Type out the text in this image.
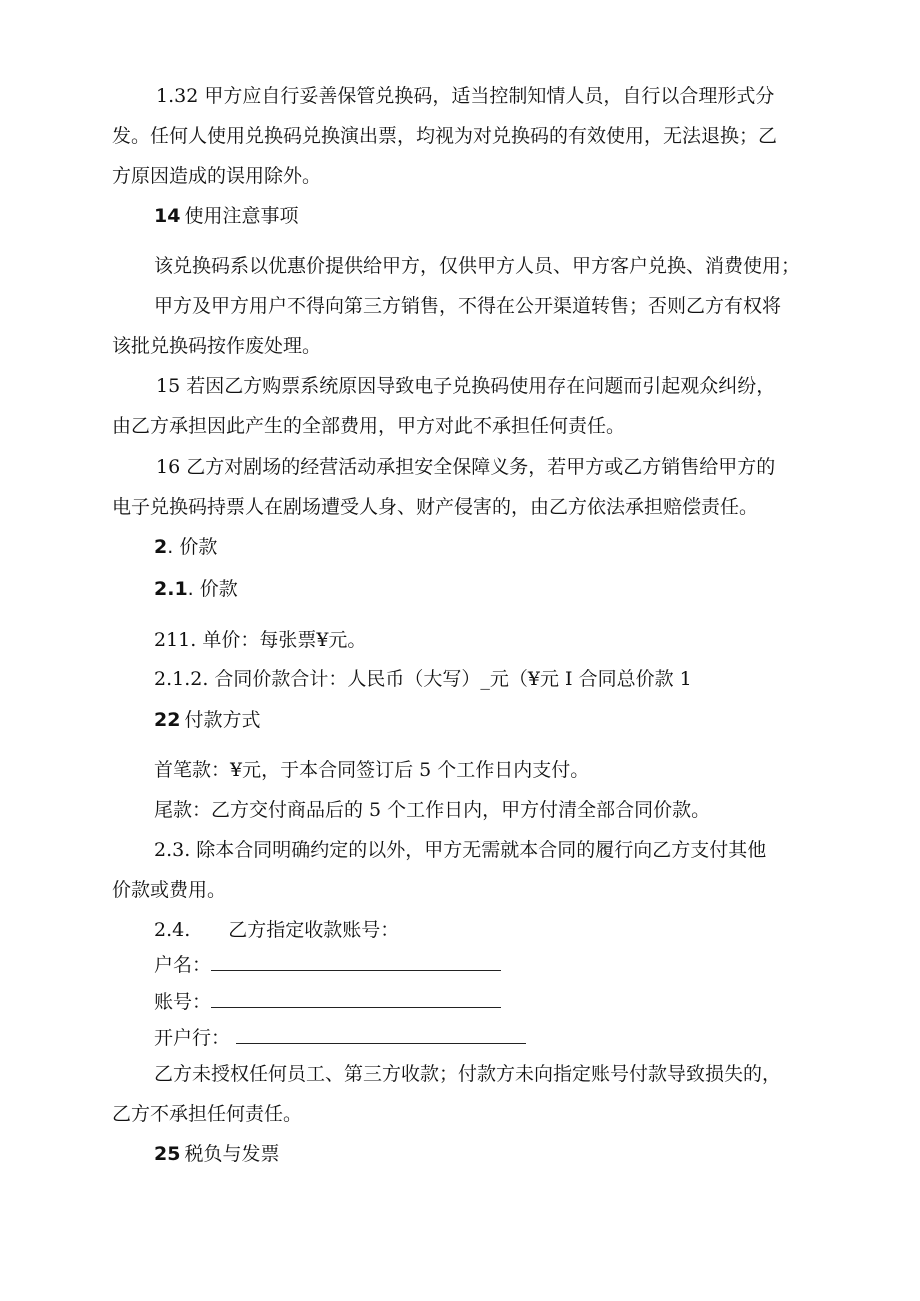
1.32 甲方应自行妥善保管兑换码，适当控制知情人员，自行以合理形式分
发。任何人使用兑换码兑换演出票，均视为对兑换码的有效使用，无法退换；乙
方原因造成的误用除外。
14 使用注意事项
该兑换码系以优惠价提供给甲方，仅供甲方人员、甲方客户兑换、消费使用；
甲方及甲方用户不得向第三方销售，不得在公开渠道转售；否则乙方有权将
该批兑换码按作废处理。
15 若因乙方购票系统原因导致电子兑换码使用存在问题而引起观众纠纷，
由乙方承担因此产生的全部费用，甲方对此不承担任何责任。
16 乙方对剧场的经营活动承担安全保障义务，若甲方或乙方销售给甲方的
电子兑换码持票人在剧场遭受人身、财产侵害的，由乙方依法承担赔偿责任。
2. 价款
2.1. 价款
211. 单价：每张票¥元。
2.1.2. 合同价款合计：人民币（大写）_元（¥元 I 合同总价款 1
22 付款方式
首笔款：¥元，于本合同签订后 5 个工作日内支付。
尾款：乙方交付商品后的 5 个工作日内，甲方付清全部合同价款。
2.3. 除本合同明确约定的以外，甲方无需就本合同的履行向乙方支付其他
价款或费用。
2.4. 乙方指定收款账号：
户名：
账号：
开户行：
乙方未授权任何员工、第三方收款；付款方未向指定账号付款导致损失的，
乙方不承担任何责任。
25 税负与发票
